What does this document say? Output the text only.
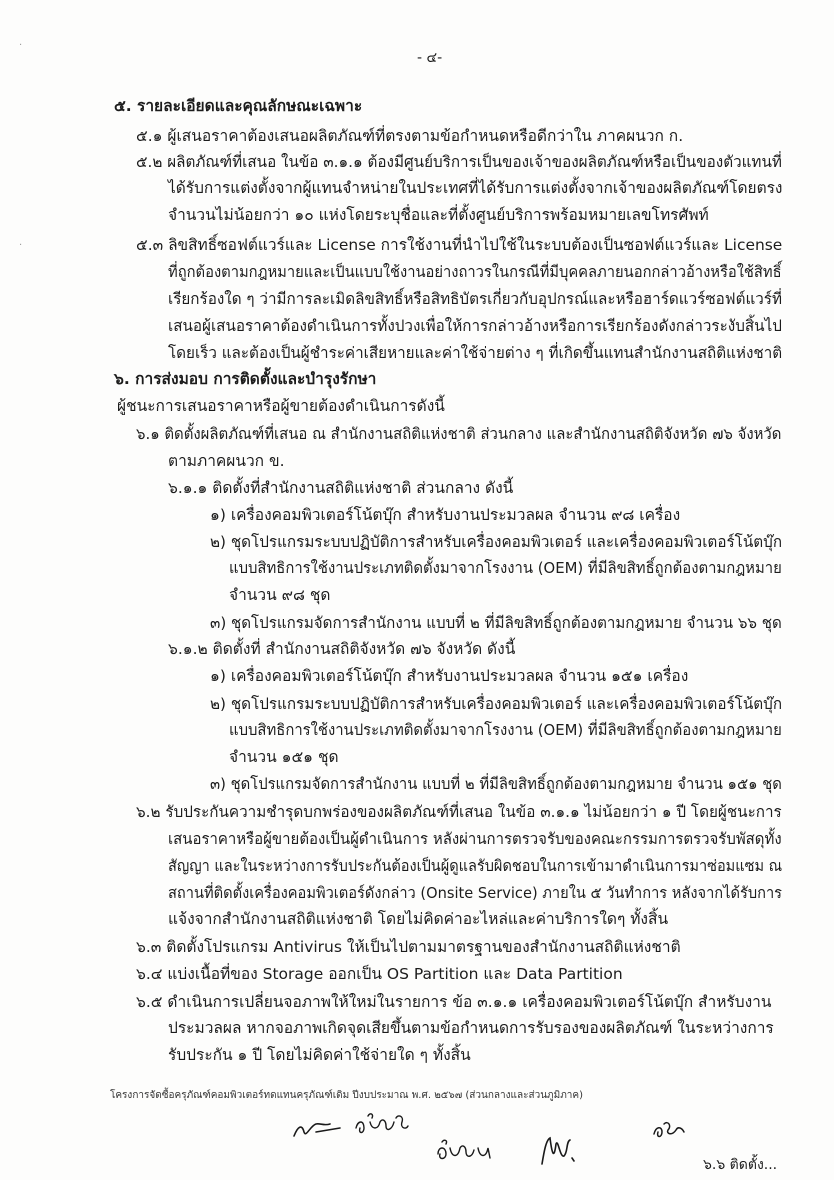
·
·
- ๔-
๕. รายละเอียดและคุณลักษณะเฉพาะ
๕.๑ ผู้เสนอราคาต้องเสนอผลิตภัณฑ์ที่ตรงตามข้อกำหนดหรือดีกว่าใน ภาคผนวก ก.
๕.๒ ผลิตภัณฑ์ที่เสนอ ในข้อ ๓.๑.๑ ต้องมีศูนย์บริการเป็นของเจ้าของผลิตภัณฑ์หรือเป็นของตัวแทนที่
ได้รับการแต่งตั้งจากผู้แทนจำหน่ายในประเทศที่ได้รับการแต่งตั้งจากเจ้าของผลิตภัณฑ์โดยตรง
จำนวนไม่น้อยกว่า ๑๐ แห่งโดยระบุชื่อและที่ตั้งศูนย์บริการพร้อมหมายเลขโทรศัพท์
๕.๓ ลิขสิทธิ์ซอฟต์แวร์และ License การใช้งานที่นำไปใช้ในระบบต้องเป็นซอฟต์แวร์และ License
ที่ถูกต้องตามกฎหมายและเป็นแบบใช้งานอย่างถาวรในกรณีที่มีบุคคลภายนอกกล่าวอ้างหรือใช้สิทธิ์
เรียกร้องใด ๆ ว่ามีการละเมิดลิขสิทธิ์หรือสิทธิบัตรเกี่ยวกับอุปกรณ์และหรือฮาร์ดแวร์ซอฟต์แวร์ที่
เสนอผู้เสนอราคาต้องดำเนินการทั้งปวงเพื่อให้การกล่าวอ้างหรือการเรียกร้องดังกล่าวระงับสิ้นไป
โดยเร็ว และต้องเป็นผู้ชำระค่าเสียหายและค่าใช้จ่ายต่าง ๆ ที่เกิดขึ้นแทนสำนักงานสถิติแห่งชาติ
๖. การส่งมอบ การติดตั้งและบำรุงรักษา
ผู้ชนะการเสนอราคาหรือผู้ขายต้องดำเนินการดังนี้
๖.๑ ติดตั้งผลิตภัณฑ์ที่เสนอ ณ สำนักงานสถิติแห่งชาติ ส่วนกลาง และสำนักงานสถิติจังหวัด ๗๖ จังหวัด
ตามภาคผนวก ข.
๖.๑.๑ ติดตั้งที่สำนักงานสถิติแห่งชาติ ส่วนกลาง ดังนี้
๑) เครื่องคอมพิวเตอร์โน้ตบุ๊ก สำหรับงานประมวลผล จำนวน ๙๘ เครื่อง
๒) ชุดโปรแกรมระบบปฏิบัติการสำหรับเครื่องคอมพิวเตอร์ และเครื่องคอมพิวเตอร์โน้ตบุ๊ก
แบบสิทธิการใช้งานประเภทติดตั้งมาจากโรงงาน (OEM) ที่มีลิขสิทธิ์ถูกต้องตามกฎหมาย
จำนวน ๙๘ ชุด
๓) ชุดโปรแกรมจัดการสำนักงาน แบบที่ ๒ ที่มีลิขสิทธิ์ถูกต้องตามกฎหมาย จำนวน ๖๖ ชุด
๖.๑.๒ ติดตั้งที่ สำนักงานสถิติจังหวัด ๗๖ จังหวัด ดังนี้
๑) เครื่องคอมพิวเตอร์โน้ตบุ๊ก สำหรับงานประมวลผล จำนวน ๑๕๑ เครื่อง
๒) ชุดโปรแกรมระบบปฏิบัติการสำหรับเครื่องคอมพิวเตอร์ และเครื่องคอมพิวเตอร์โน้ตบุ๊ก
แบบสิทธิการใช้งานประเภทติดตั้งมาจากโรงงาน (OEM) ที่มีลิขสิทธิ์ถูกต้องตามกฎหมาย
จำนวน ๑๕๑ ชุด
๓) ชุดโปรแกรมจัดการสำนักงาน แบบที่ ๒ ที่มีลิขสิทธิ์ถูกต้องตามกฎหมาย จำนวน ๑๕๑ ชุด
๖.๒ รับประกันความชำรุดบกพร่องของผลิตภัณฑ์ที่เสนอ ในข้อ ๓.๑.๑ ไม่น้อยกว่า ๑ ปี โดยผู้ชนะการ
เสนอราคาหรือผู้ขายต้องเป็นผู้ดำเนินการ หลังผ่านการตรวจรับของคณะกรรมการตรวจรับพัสดุทั้ง
สัญญา และในระหว่างการรับประกันต้องเป็นผู้ดูแลรับผิดชอบในการเข้ามาดำเนินการมาซ่อมแซม ณ
สถานที่ติดตั้งเครื่องคอมพิวเตอร์ดังกล่าว (Onsite Service) ภายใน ๕ วันทำการ หลังจากได้รับการ
แจ้งจากสำนักงานสถิติแห่งชาติ โดยไม่คิดค่าอะไหล่และค่าบริการใดๆ ทั้งสิ้น
๖.๓ ติดตั้งโปรแกรม Antivirus ให้เป็นไปตามมาตรฐานของสำนักงานสถิติแห่งชาติ
๖.๔ แบ่งเนื้อที่ของ Storage ออกเป็น OS Partition และ Data Partition
๖.๕ ดำเนินการเปลี่ยนจอภาพให้ใหม่ในรายการ ข้อ ๓.๑.๑ เครื่องคอมพิวเตอร์โน้ตบุ๊ก สำหรับงาน
ประมวลผล หากจอภาพเกิดจุดเสียขึ้นตามข้อกำหนดการรับรองของผลิตภัณฑ์ ในระหว่างการ
รับประกัน ๑ ปี โดยไม่คิดค่าใช้จ่ายใด ๆ ทั้งสิ้น
โครงการจัดซื้อครุภัณฑ์คอมพิวเตอร์ทดแทนครุภัณฑ์เดิม ปีงบประมาณ พ.ศ. ๒๕๖๗ (ส่วนกลางและส่วนภูมิภาค)
๖.๖ ติดตั้ง...
